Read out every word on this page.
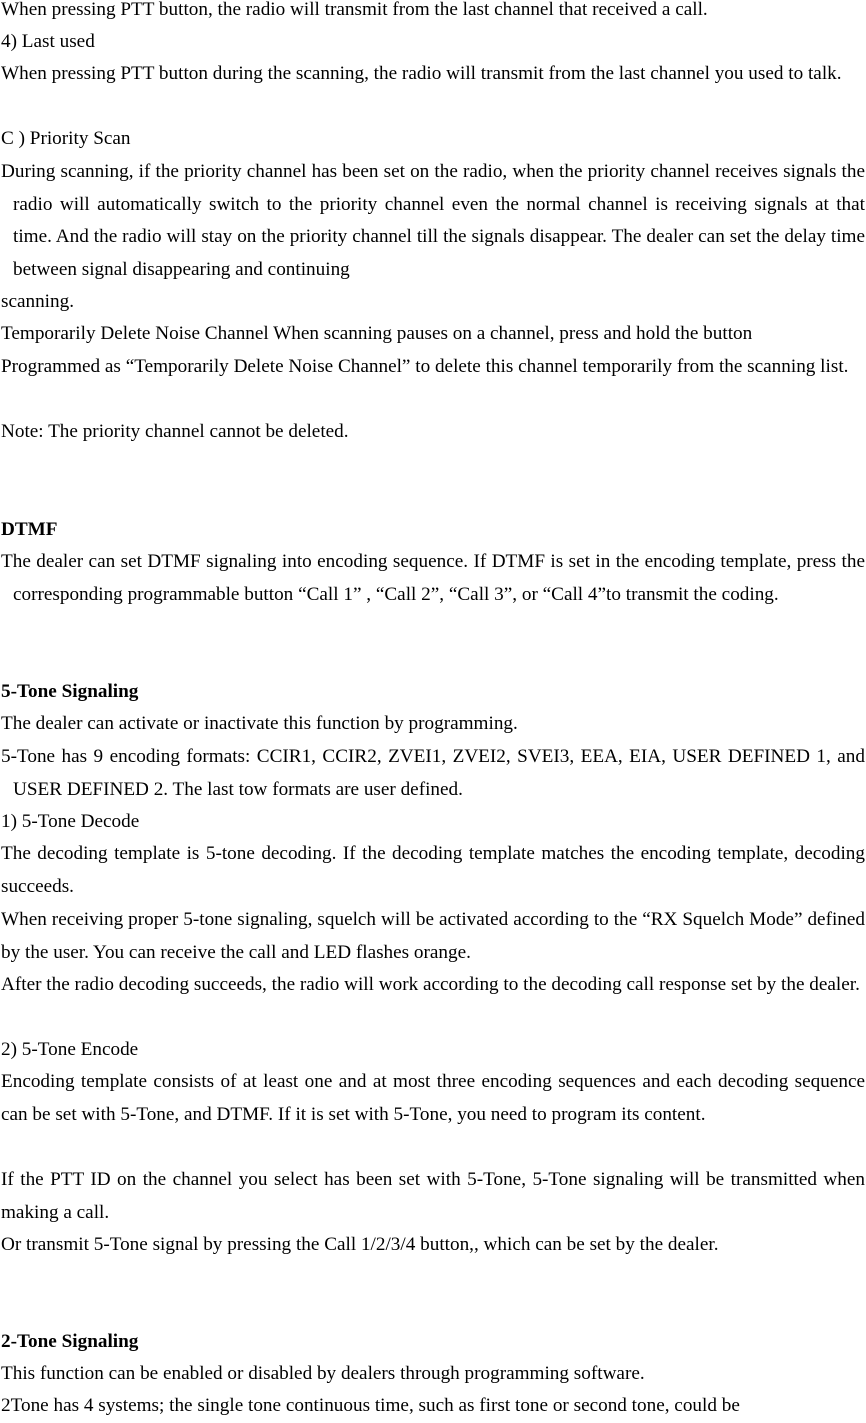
When pressing PTT button, the radio will transmit from the last channel that received a call.

4) Last used

When pressing PTT button during the scanning, the radio will transmit from the last channel you used to talk.

C ) Priority Scan

During scanning, if the priority channel has been set on the radio, when the priority channel receives signals the radio will automatically switch to the priority channel even the normal channel is receiving signals at that time. And the radio will stay on the priority channel till the signals disappear. The dealer can set the delay time between signal disappearing and continuing

scanning.

Temporarily Delete Noise Channel When scanning pauses on a channel, press and hold the button

Programmed as “Temporarily Delete Noise Channel” to delete this channel temporarily from the scanning list.

Note: The priority channel cannot be deleted.

DTMF

The dealer can set DTMF signaling into encoding sequence. If DTMF is set in the encoding template, press the corresponding programmable button “Call 1” , “Call 2”, “Call 3”, or “Call 4”to transmit the coding.

5-Tone Signaling

The dealer can activate or inactivate this function by programming.

5-Tone has 9 encoding formats: CCIR1, CCIR2, ZVEI1, ZVEI2, SVEI3, EEA, EIA, USER DEFINED 1, and USER DEFINED 2. The last tow formats are user defined.

1) 5-Tone Decode

The decoding template is 5-tone decoding. If the decoding template matches the encoding template, decoding succeeds.

When receiving proper 5-tone signaling, squelch will be activated according to the “RX Squelch Mode” defined by the user. You can receive the call and LED flashes orange.

After the radio decoding succeeds, the radio will work according to the decoding call response set by the dealer.

2) 5-Tone Encode

Encoding template consists of at least one and at most three encoding sequences and each decoding sequence can be set with 5-Tone, and DTMF. If it is set with 5-Tone, you need to program its content.

If the PTT ID on the channel you select has been set with 5-Tone, 5-Tone signaling will be transmitted when making a call.

Or transmit 5-Tone signal by pressing the Call 1/2/3/4 button,, which can be set by the dealer.

2-Tone Signaling

This function can be enabled or disabled by dealers through programming software.

2Tone has 4 systems; the single tone continuous time, such as first tone or second tone, could be
